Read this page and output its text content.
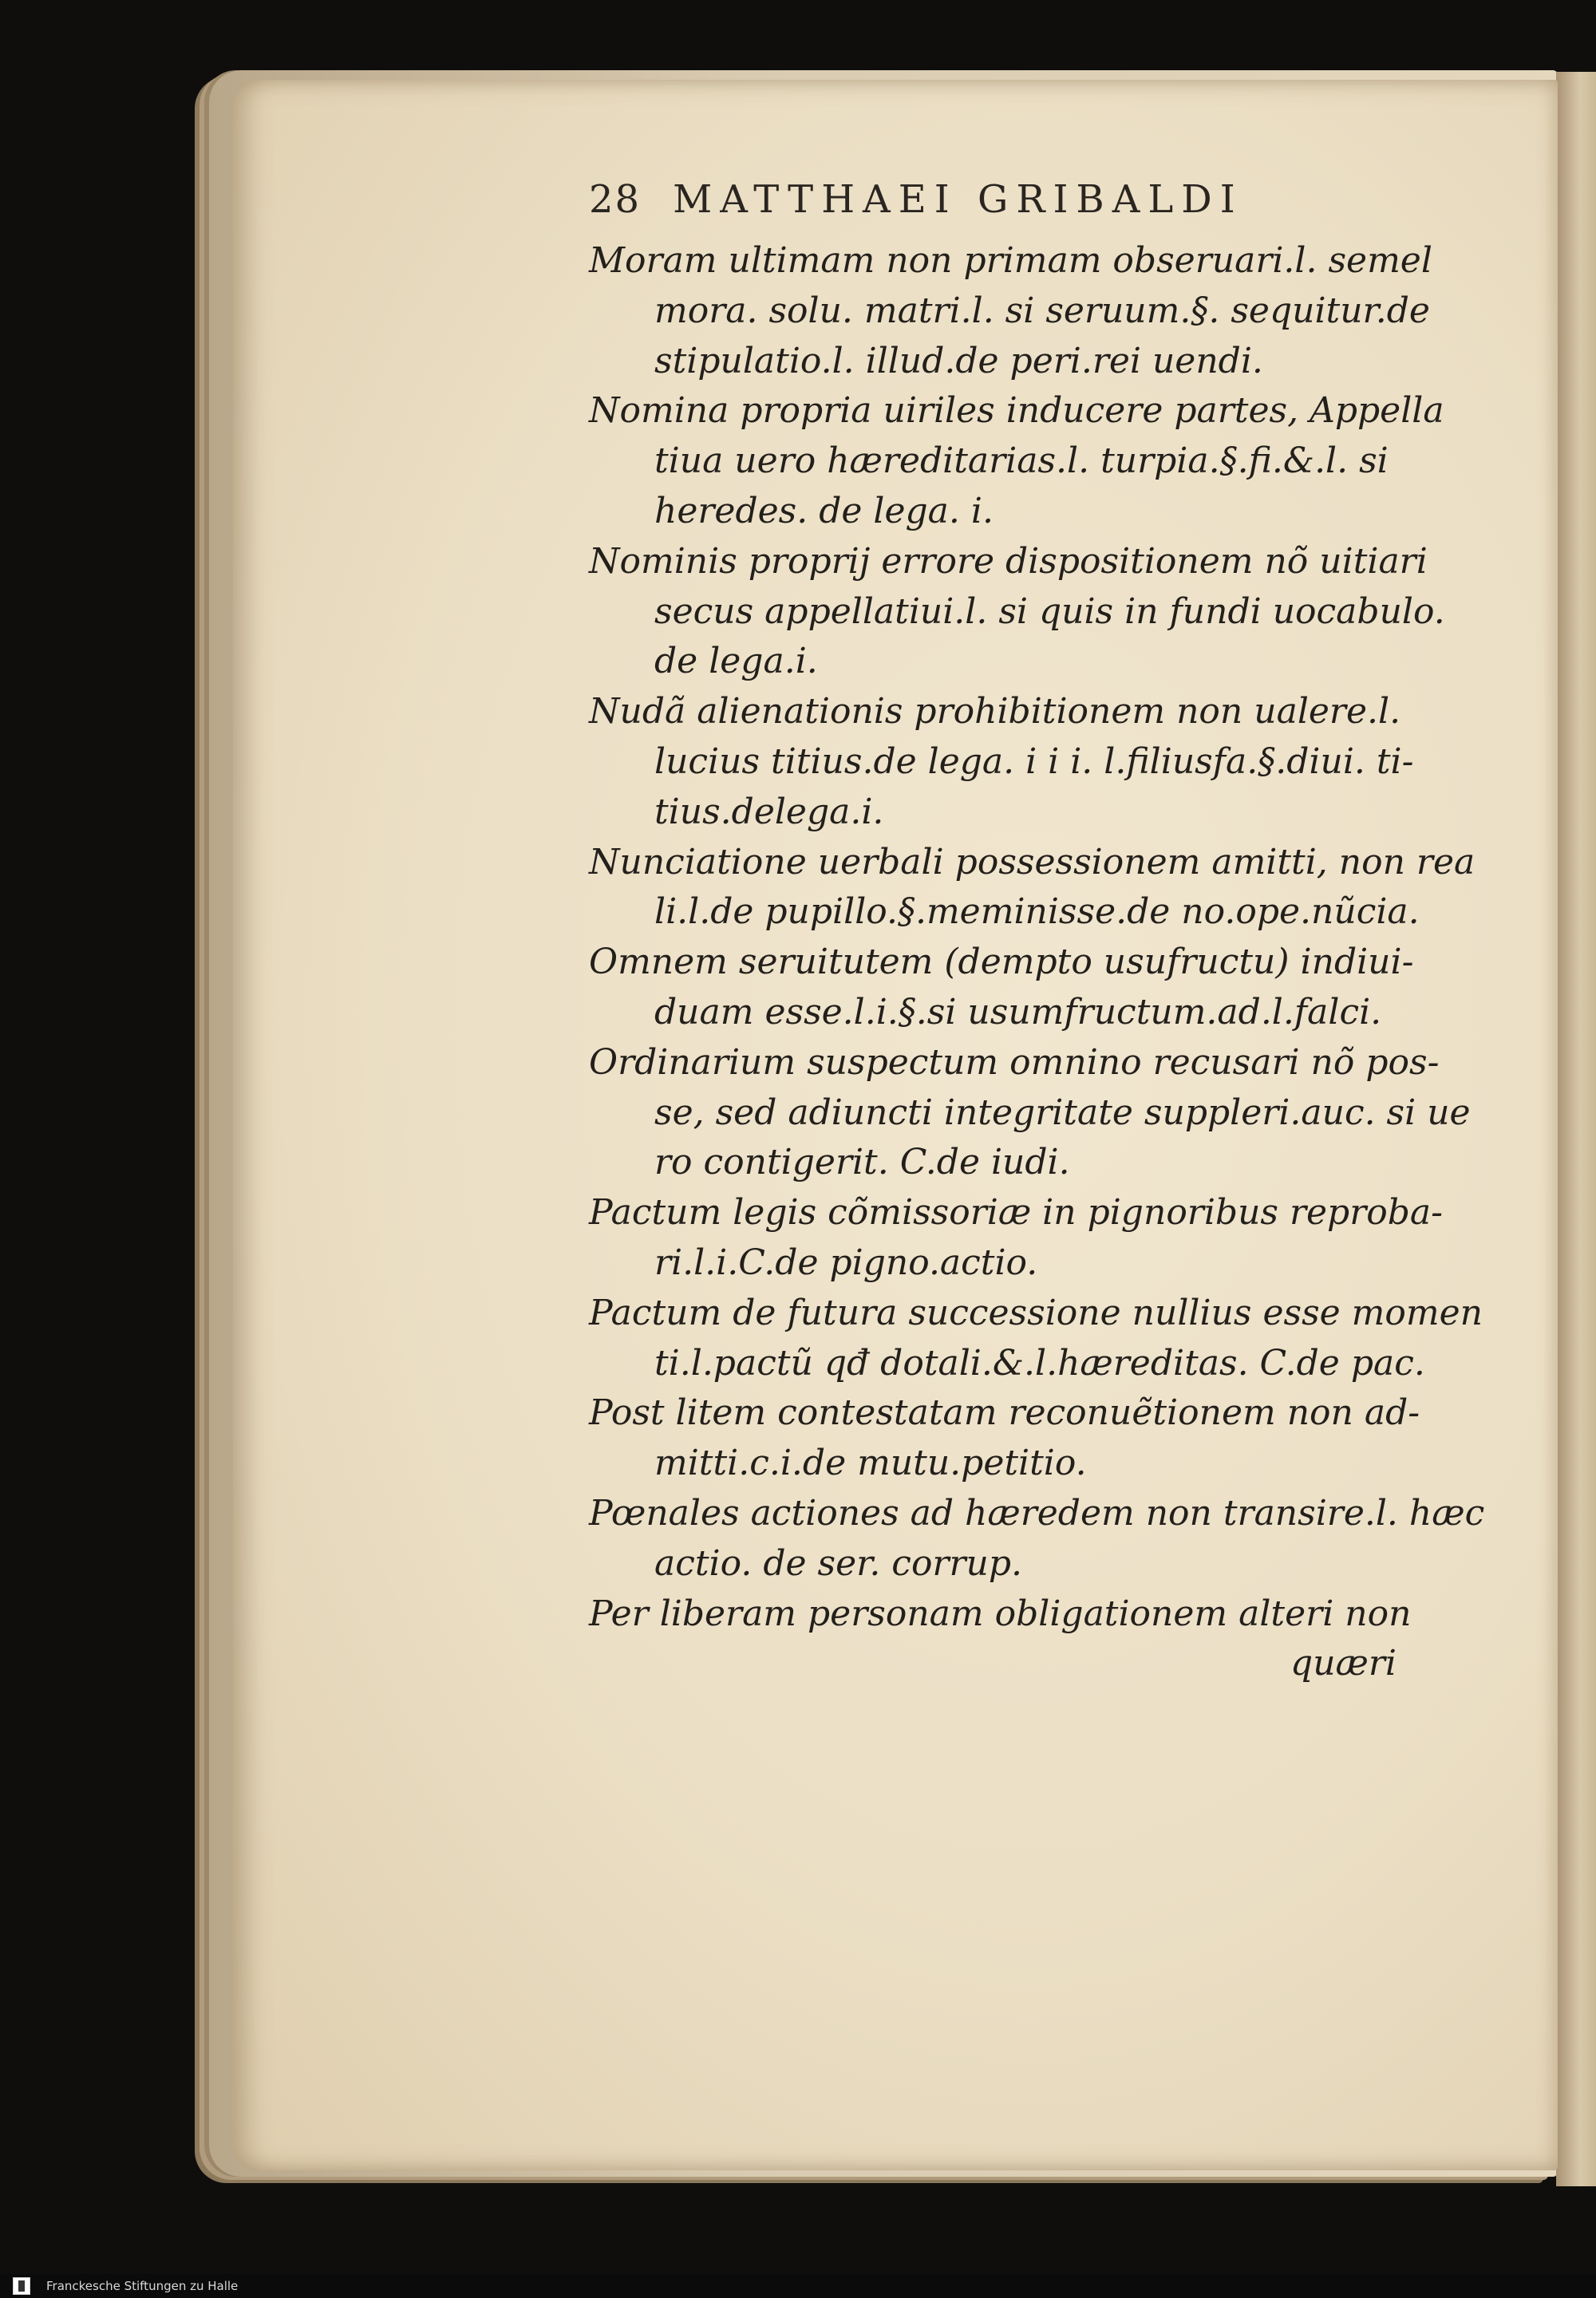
28 MATTHAEI GRIBALDI
Moram ultimam non primam obseruari.l. semel
mora. solu. matri.l. si seruum.§. sequitur.de
stipulatio.l. illud.de peri.rei uendi.
Nomina propria uiriles inducere partes, Appella
tiua uero hæreditarias.l. turpia.§.fi.&.l. si
heredes. de lega. i.
Nominis proprij errore dispositionem nõ uitiari
secus appellatiui.l. si quis in fundi uocabulo.
de lega.i.
Nudã alienationis prohibitionem non ualere.l.
lucius titius.de lega. i i i. l.filiusfa.§.diui. ti-
tius.delega.i.
Nunciatione uerbali possessionem amitti, non rea
li.l.de pupillo.§.meminisse.de no.ope.nũcia.
Omnem seruitutem (dempto usufructu) indiui-
duam esse.l.i.§.si usumfructum.ad.l.falci.
Ordinarium suspectum omnino recusari nõ pos-
se, sed adiuncti integritate suppleri.auc. si ue
ro contigerit. C.de iudi.
Pactum legis cõmissoriæ in pignoribus reproba-
ri.l.i.C.de pigno.actio.
Pactum de futura successione nullius esse momen
ti.l.pactũ qđ dotali.&.l.hæreditas. C.de pac.
Post litem contestatam reconuẽtionem non ad-
mitti.c.i.de mutu.petitio.
Pœnales actiones ad hæredem non transire.l. hæc
actio. de ser. corrup.
Per liberam personam obligationem alteri non
quæri
Franckesche Stiftungen zu Halle
